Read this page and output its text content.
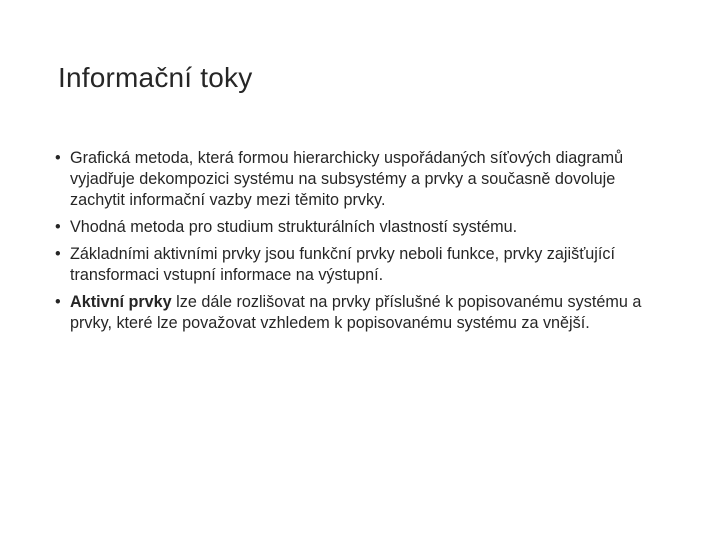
Informační toky
• Grafická metoda, která formou hierarchicky uspořádaných síťových diagramů vyjadřuje dekompozici systému na subsystémy a prvky a současně dovoluje zachytit informační vazby mezi těmito prvky.
• Vhodná metoda pro studium strukturálních vlastností systému.
• Základními aktivními prvky jsou funkční prvky neboli funkce, prvky zajišťující transformaci vstupní informace na výstupní.
• Aktivní prvky lze dále rozlišovat na prvky příslušné k popisovanému systému a prvky, které lze považovat vzhledem k popisovanému systému za vnější.
